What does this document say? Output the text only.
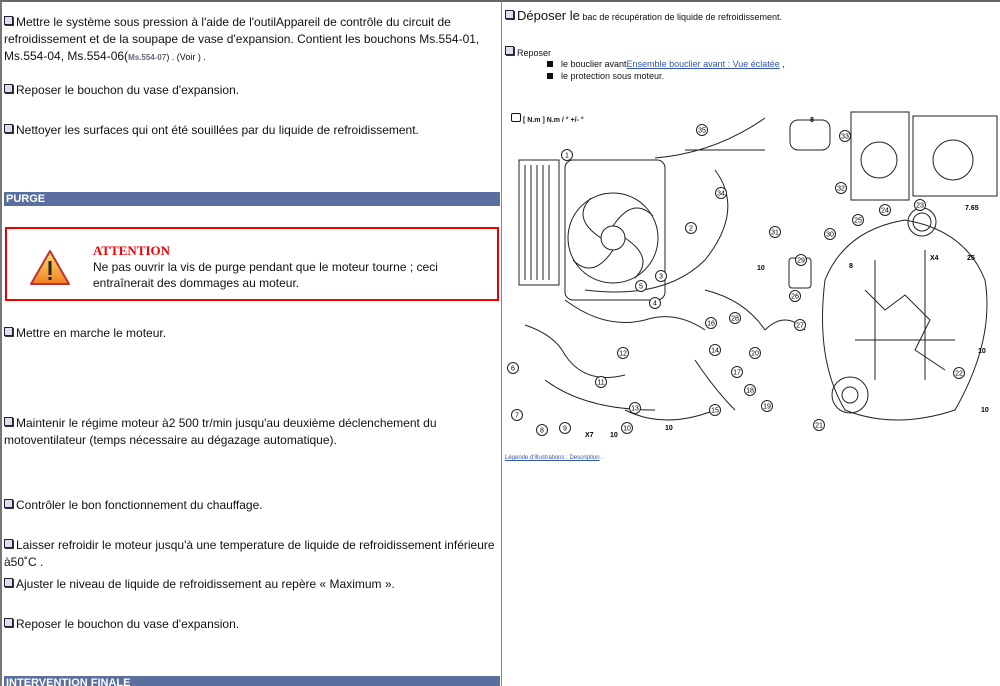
Mettre le système sous pression à l'aide de l'outilAppareil de contrôle du circuit de refroidissement et de la soupape de vase d'expansion. Contient les bouchons Ms.554-01, Ms.554-04, Ms.554-06(Ms.554-07) . (Voir ) .
Reposer le bouchon du vase d'expansion.
Nettoyer les surfaces qui ont été souillées par du liquide de refroidissement.
PURGE
ATTENTION
Ne pas ouvrir la vis de purge pendant que le moteur tourne ; ceci entraînerait des dommages au moteur.
Mettre en marche le moteur.
Maintenir le régime moteur à2 500 tr/min jusqu'au deuxième déclenchement du motoventilateur (temps nécessaire au dégazage automatique).
Contrôler le bon fonctionnement du chauffage.
Laisser refroidir le moteur jusqu'à une temperature de liquide de refroidissement inférieure à50˚C .
Ajuster le niveau de liquide de refroidissement au repère « Maximum ».
Reposer le bouchon du vase d'expansion.
INTERVENTION FINALE
Déposer le bac de récupération de liquide de refroidissement.
Reposer
le bouclier avantEnsemble bouclier avant : Vue éclatée ,
le protection sous moteur.
[ N.m ] N.m / ° +/- °
1
2
3
4
5
6
7
8	9	10
11
12
13
14
15
16
17
18
19
20
21
22
23
24
25
26
27
28
29
30
31
32
33
34
35
8
7.65
25
10
10
10
10
8
10
X4
X7
Légende d'illustrations : Description .
